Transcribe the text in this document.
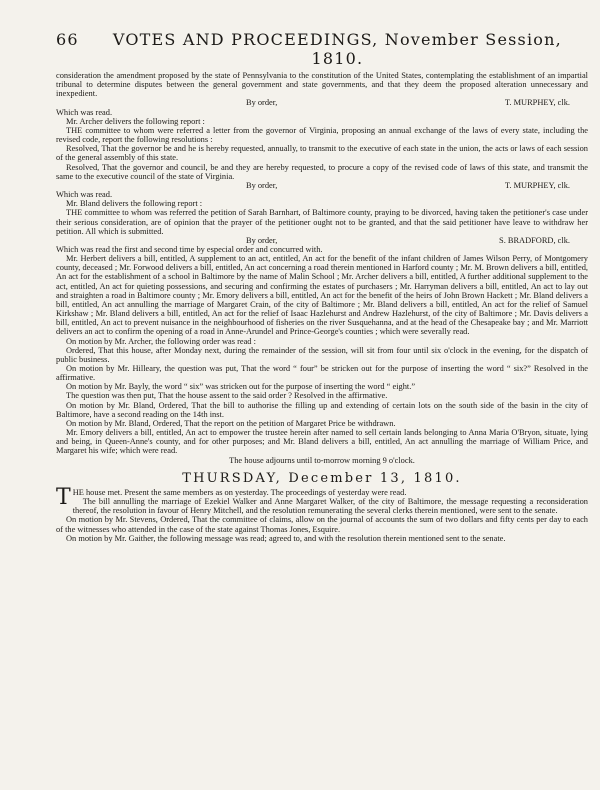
66	VOTES AND PROCEEDINGS, November Session, 1810.

consideration the amendment proposed by the state of Pennsylvania to the constitution of the United States, contemplating the establishment of an impartial tribunal to determine disputes between the general government and state governments, and that they deem the proposed alteration unnecessary and inexpedient.

By order,	T. MURPHEY, clk.

Which was read.

Mr. Archer delivers the following report :

THE committee to whom were referred a letter from the governor of Virginia, proposing an annual exchange of the laws of every state, including the revised code, report the following resolutions :

Resolved, That the governor be and he is hereby requested, annually, to transmit to the executive of each state in the union, the acts or laws of each session of the general assembly of this state.

Resolved, That the governor and council, be and they are hereby requested, to procure a copy of the revised code of laws of this state, and transmit the same to the executive council of the state of Virginia.

By order,	T. MURPHEY, clk.

Which was read.

Mr. Bland delivers the following report :

THE committee to whom was referred the petition of Sarah Barnhart, of Baltimore county, praying to be divorced, having taken the petitioner's case under their serious consideration, are of opinion that the prayer of the petitioner ought not to be granted, and that the said petitioner have leave to withdraw her petition. All which is submitted.

By order,	S. BRADFORD, clk.

Which was read the first and second time by especial order and concurred with.

Mr. Herbert delivers a bill, entitled, A supplement to an act, entitled, An act for the benefit of the infant children of James Wilson Perry, of Montgomery county, deceased ; Mr. Forwood delivers a bill, entitled, An act concerning a road therein mentioned in Harford county ; Mr. M. Brown delivers a bill, entitled, An act for the establishment of a school in Baltimore by the name of Malin School ; Mr. Archer delivers a bill, entitled, A further additional supplement to the act, entitled, An act for quieting possessions, and securing and confirming the estates of purchasers ; Mr. Harryman delivers a bill, entitled, An act to lay out and straighten a road in Baltimore county ; Mr. Emory delivers a bill, entitled, An act for the benefit of the heirs of John Brown Hackett ; Mr. Bland delivers a bill, entitled, An act annulling the marriage of Margaret Crain, of the city of Baltimore ; Mr. Bland delivers a bill, entitled, An act for the relief of Samuel Kirkshaw ; Mr. Bland delivers a bill, entitled, An act for the relief of Isaac Hazlehurst and Andrew Hazlehurst, of the city of Baltimore ; Mr. Davis delivers a bill, entitled, An act to prevent nuisance in the neighbourhood of fisheries on the river Susquehanna, and at the head of the Chesapeake bay ; and Mr. Marriott delivers an act to confirm the opening of a road in Anne-Arundel and Prince-George's counties ; which were severally read.

On motion by Mr. Archer, the following order was read :

Ordered, That this house, after Monday next, during the remainder of the session, will sit from four until six o'clock in the evening, for the dispatch of public business.

On motion by Mr. Hilleary, the question was put, That the word “ four” be stricken out for the purpose of inserting the word “ six?” Resolved in the affirmative.

On motion by Mr. Bayly, the word “ six” was stricken out for the purpose of inserting the word “ eight.”

The question was then put, That the house assent to the said order ? Resolved in the affirmative.

On motion by Mr. Bland, Ordered, That the bill to authorise the filling up and extending of certain lots on the south side of the basin in the city of Baltimore, have a second reading on the 14th inst.

On motion by Mr. Bland, Ordered, That the report on the petition of Margaret Price be withdrawn.

Mr. Emory delivers a bill, entitled, An act to empower the trustee herein after named to sell certain lands belonging to Anna Maria O'Bryon, situate, lying and being, in Queen-Anne's county, and for other purposes; and Mr. Bland delivers a bill, entitled, An act annulling the marriage of William Price, and Margaret his wife; which were read.

The house adjourns until to-morrow morning 9 o'clock.

THURSDAY, December 13, 1810.

THE house met. Present the same members as on yesterday. The proceedings of yesterday were read.

The bill annulling the marriage of Ezekiel Walker and Anne Margaret Walker, of the city of Baltimore, the message requesting a reconsideration thereof, the resolution in favour of Henry Mitchell, and the resolution remunerating the several clerks therein mentioned, were sent to the senate.

On motion by Mr. Stevens, Ordered, That the committee of claims, allow on the journal of accounts the sum of two dollars and fifty cents per day to each of the witnesses who attended in the case of the state against Thomas Jones, Esquire.

On motion by Mr. Gaither, the following message was read; agreed to, and with the resolution therein mentioned sent to the senate.
